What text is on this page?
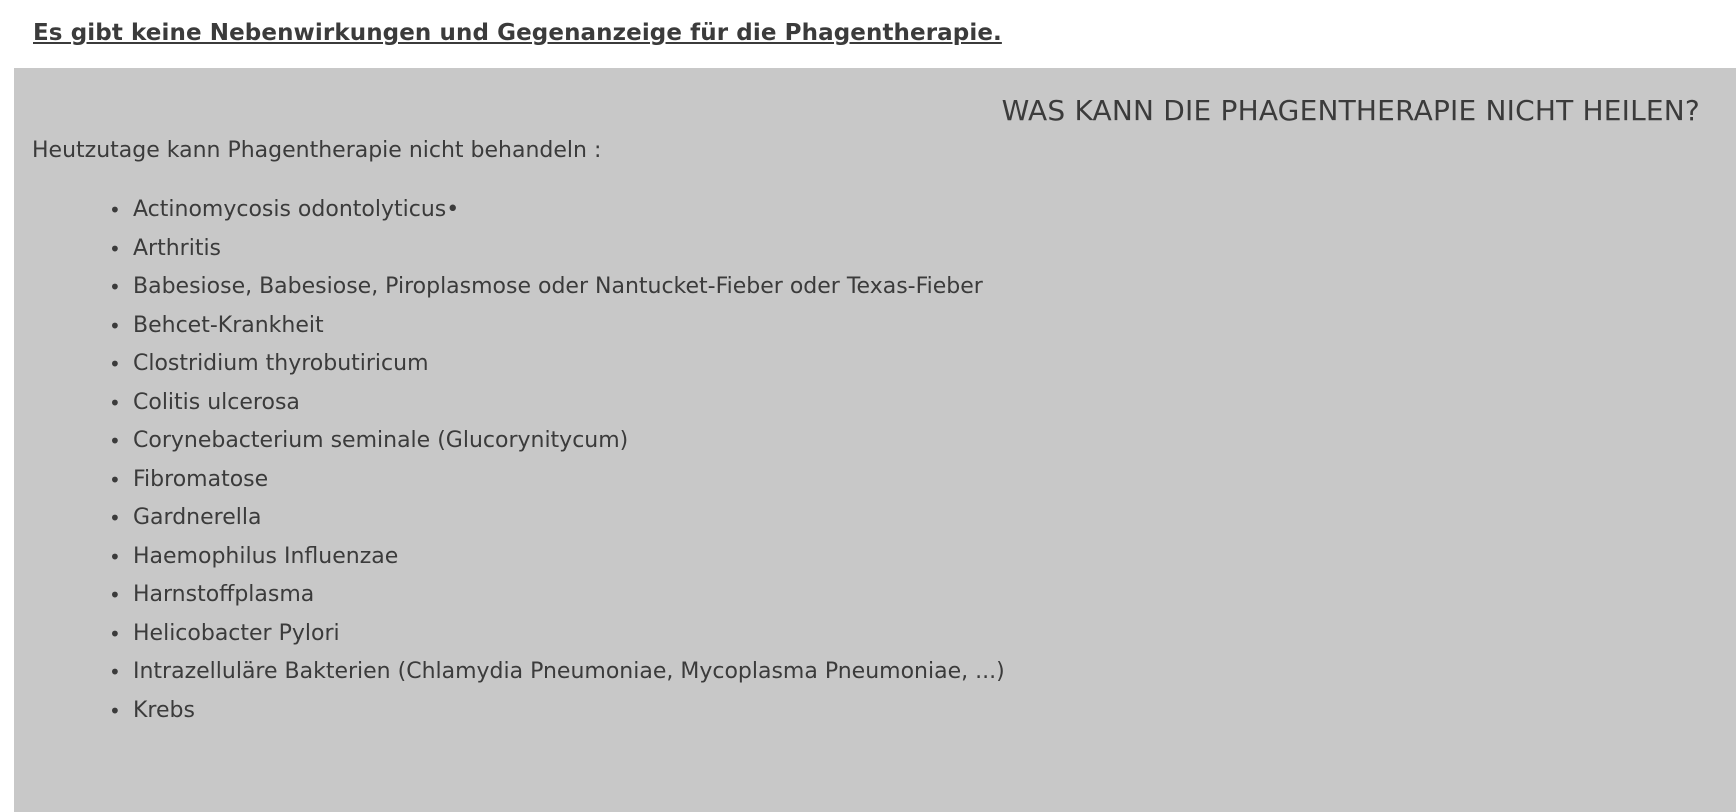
Es gibt keine Nebenwirkungen und Gegenanzeige für die Phagentherapie.
WAS KANN DIE PHAGENTHERAPIE NICHT HEILEN?
Heutzutage kann Phagentherapie nicht behandeln :
• Actinomycosis odontolyticus•
• Arthritis
• Babesiose, Babesiose, Piroplasmose oder Nantucket-Fieber oder Texas-Fieber
• Behcet-Krankheit
• Clostridium thyrobutiricum
• Colitis ulcerosa
• Corynebacterium seminale (Glucorynitycum)
• Fibromatose
• Gardnerella
• Haemophilus Influenzae
• Harnstoffplasma
• Helicobacter Pylori
• Intrazelluläre Bakterien (Chlamydia Pneumoniae, Mycoplasma Pneumoniae, ...)
• Krebs
